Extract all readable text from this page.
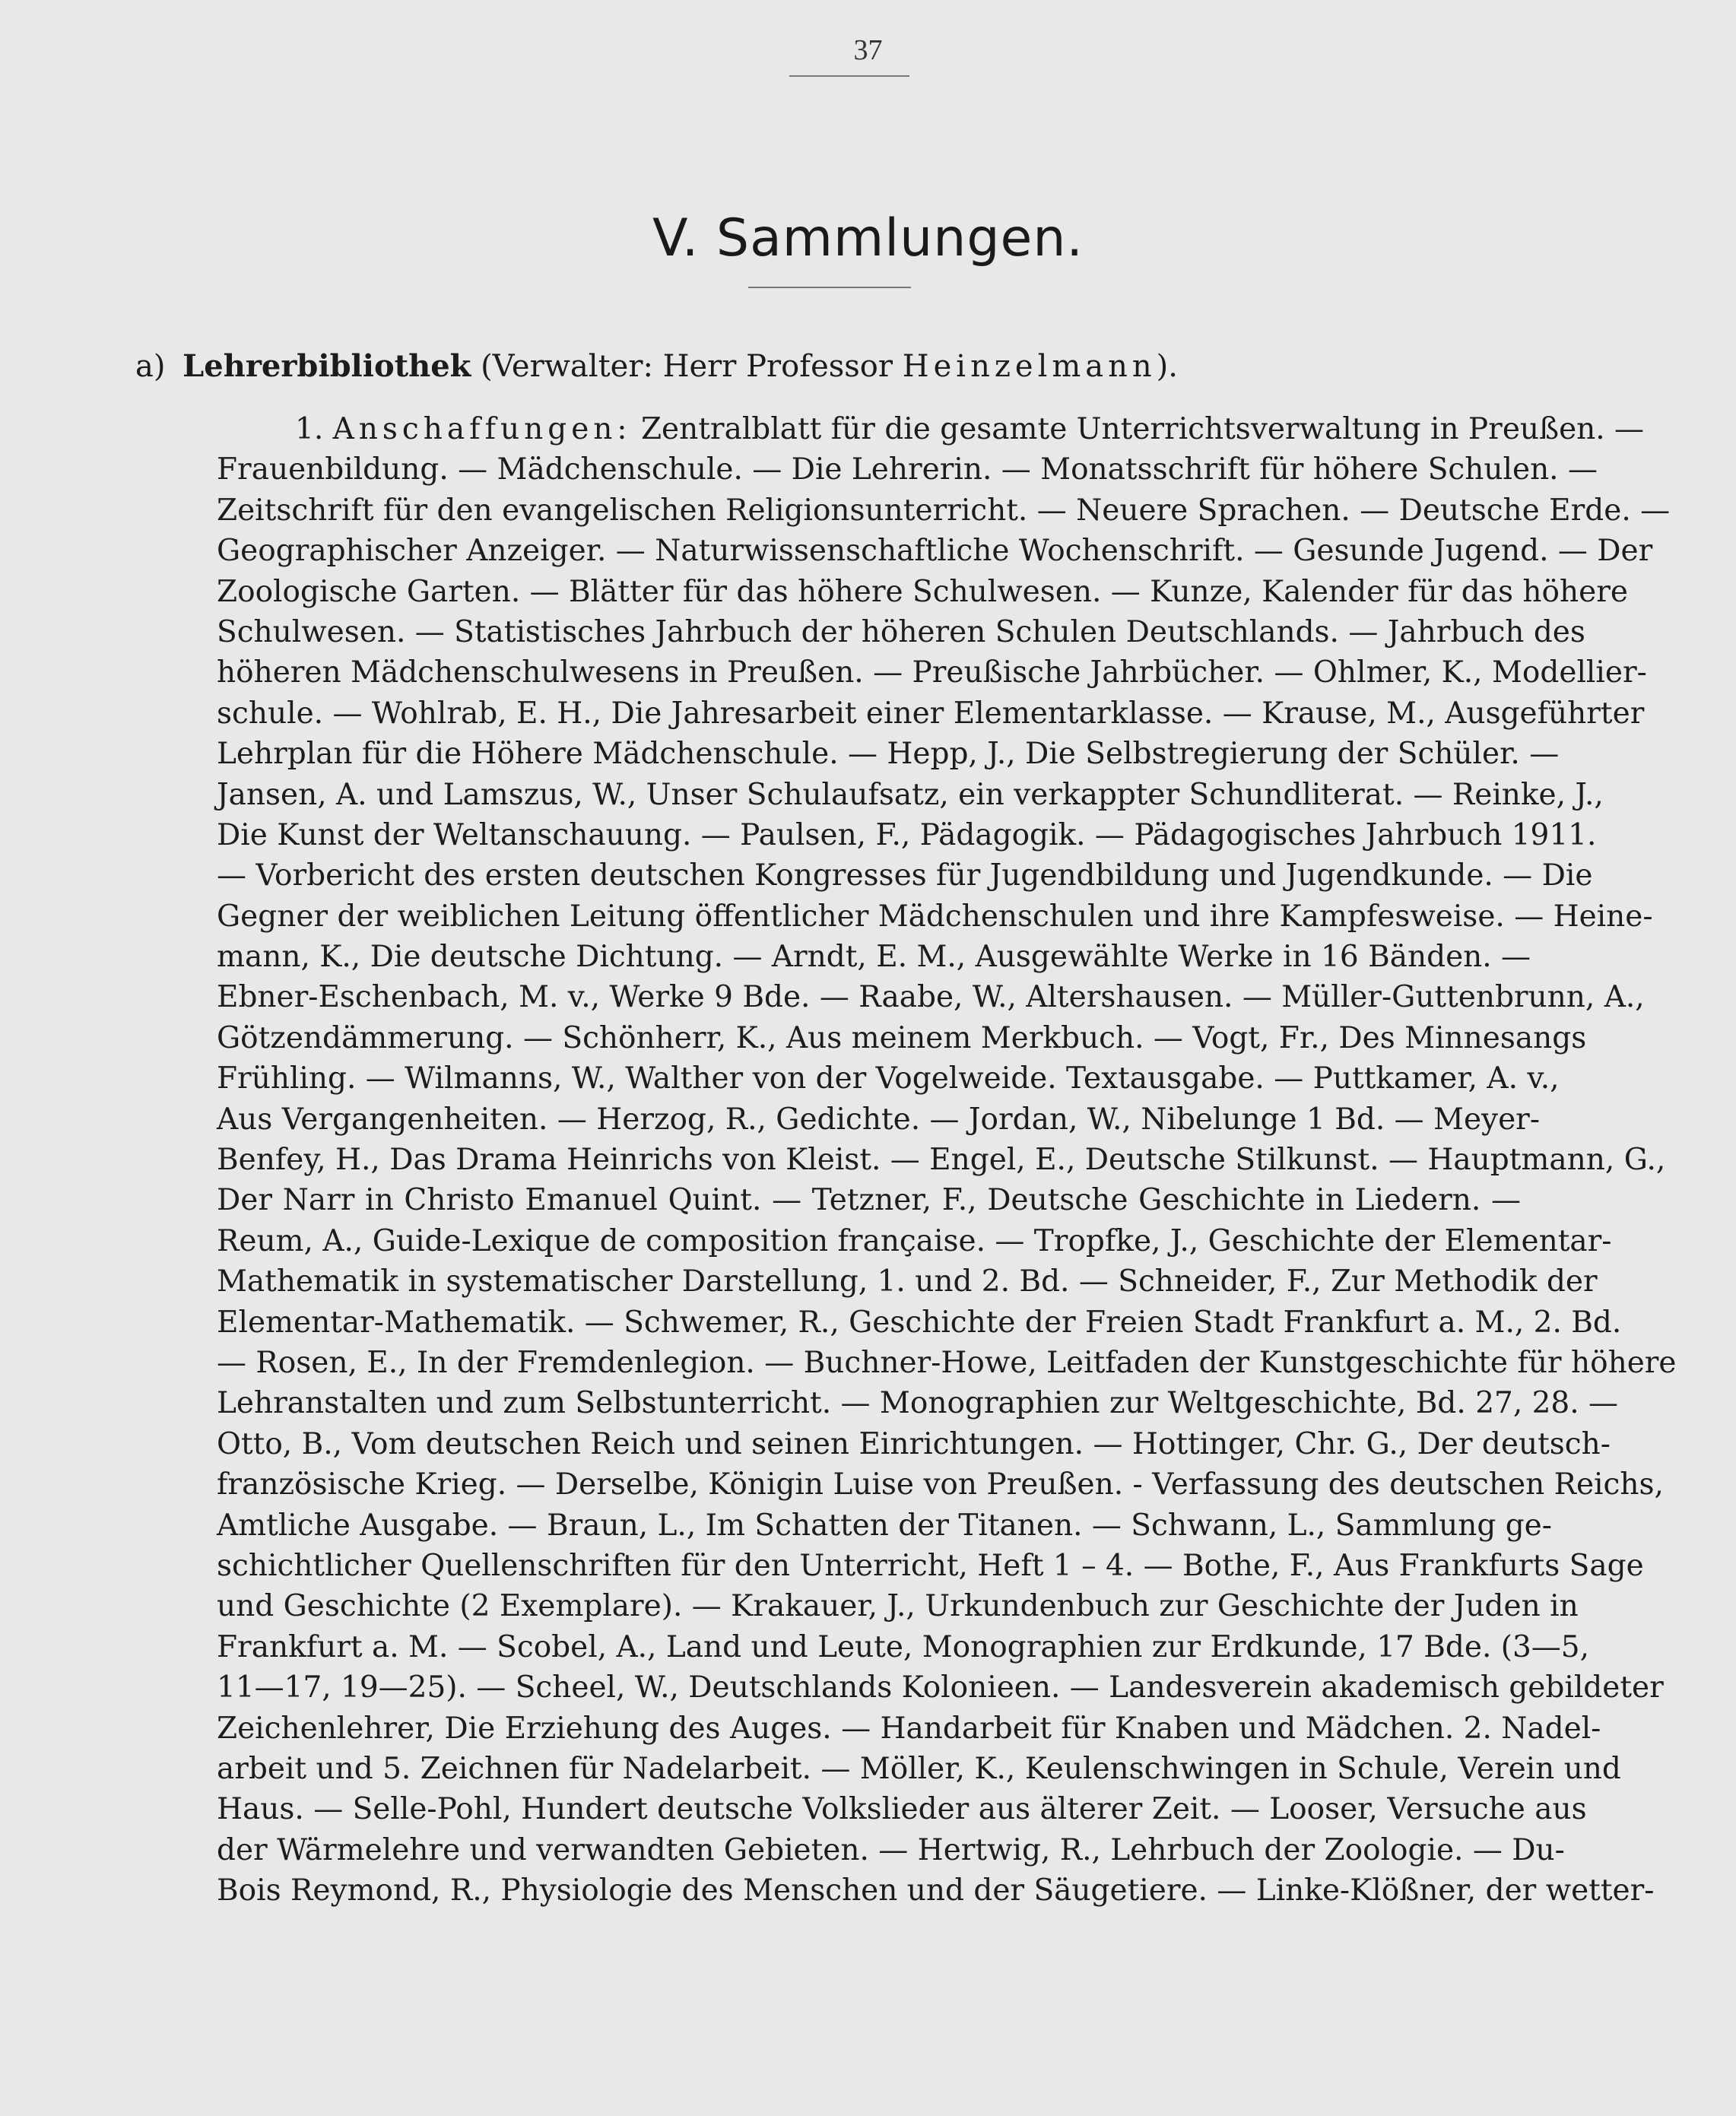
37
V. Sammlungen.
a) Lehrerbibliothek (Verwalter: Herr Professor Heinzelmann).
1. Anschaffungen: Zentralblatt für die gesamte Unterrichtsverwaltung in Preußen. —
Frauenbildung. — Mädchenschule. — Die Lehrerin. — Monatsschrift für höhere Schulen. —
Zeitschrift für den evangelischen Religionsunterricht. — Neuere Sprachen. — Deutsche Erde. —
Geographischer Anzeiger. — Naturwissenschaftliche Wochenschrift. — Gesunde Jugend. — Der
Zoologische Garten. — Blätter für das höhere Schulwesen. — Kunze, Kalender für das höhere
Schulwesen. — Statistisches Jahrbuch der höheren Schulen Deutschlands. — Jahrbuch des
höheren Mädchenschulwesens in Preußen. — Preußische Jahrbücher. — Ohlmer, K., Modellier-
schule. — Wohlrab, E. H., Die Jahresarbeit einer Elementarklasse. — Krause, M., Ausgeführter
Lehrplan für die Höhere Mädchenschule. — Hepp, J., Die Selbstregierung der Schüler. —
Jansen, A. und Lamszus, W., Unser Schulaufsatz, ein verkappter Schundliterat. — Reinke, J.,
Die Kunst der Weltanschauung. — Paulsen, F., Pädagogik. — Pädagogisches Jahrbuch 1911.
— Vorbericht des ersten deutschen Kongresses für Jugendbildung und Jugendkunde. — Die
Gegner der weiblichen Leitung öffentlicher Mädchenschulen und ihre Kampfesweise. — Heine-
mann, K., Die deutsche Dichtung. — Arndt, E. M., Ausgewählte Werke in 16 Bänden. —
Ebner-Eschenbach, M. v., Werke 9 Bde. — Raabe, W., Altershausen. — Müller-Guttenbrunn, A.,
Götzendämmerung. — Schönherr, K., Aus meinem Merkbuch. — Vogt, Fr., Des Minnesangs
Frühling. — Wilmanns, W., Walther von der Vogelweide. Textausgabe. — Puttkamer, A. v.,
Aus Vergangenheiten. — Herzog, R., Gedichte. — Jordan, W., Nibelunge 1 Bd. — Meyer-
Benfey, H., Das Drama Heinrichs von Kleist. — Engel, E., Deutsche Stilkunst. — Hauptmann, G.,
Der Narr in Christo Emanuel Quint. — Tetzner, F., Deutsche Geschichte in Liedern. —
Reum, A., Guide-Lexique de composition française. — Tropfke, J., Geschichte der Elementar-
Mathematik in systematischer Darstellung, 1. und 2. Bd. — Schneider, F., Zur Methodik der
Elementar-Mathematik. — Schwemer, R., Geschichte der Freien Stadt Frankfurt a. M., 2. Bd.
— Rosen, E., In der Fremdenlegion. — Buchner-Howe, Leitfaden der Kunstgeschichte für höhere
Lehranstalten und zum Selbstunterricht. — Monographien zur Weltgeschichte, Bd. 27, 28. —
Otto, B., Vom deutschen Reich und seinen Einrichtungen. — Hottinger, Chr. G., Der deutsch-
französische Krieg. — Derselbe, Königin Luise von Preußen. - Verfassung des deutschen Reichs,
Amtliche Ausgabe. — Braun, L., Im Schatten der Titanen. — Schwann, L., Sammlung ge-
schichtlicher Quellenschriften für den Unterricht, Heft 1 – 4. — Bothe, F., Aus Frankfurts Sage
und Geschichte (2 Exemplare). — Krakauer, J., Urkundenbuch zur Geschichte der Juden in
Frankfurt a. M. — Scobel, A., Land und Leute, Monographien zur Erdkunde, 17 Bde. (3—5,
11—17, 19—25). — Scheel, W., Deutschlands Kolonieen. — Landesverein akademisch gebildeter
Zeichenlehrer, Die Erziehung des Auges. — Handarbeit für Knaben und Mädchen. 2. Nadel-
arbeit und 5. Zeichnen für Nadelarbeit. — Möller, K., Keulenschwingen in Schule, Verein und
Haus. — Selle-Pohl, Hundert deutsche Volkslieder aus älterer Zeit. — Looser, Versuche aus
der Wärmelehre und verwandten Gebieten. — Hertwig, R., Lehrbuch der Zoologie. — Du-
Bois Reymond, R., Physiologie des Menschen und der Säugetiere. — Linke-Klößner, der wetter-
